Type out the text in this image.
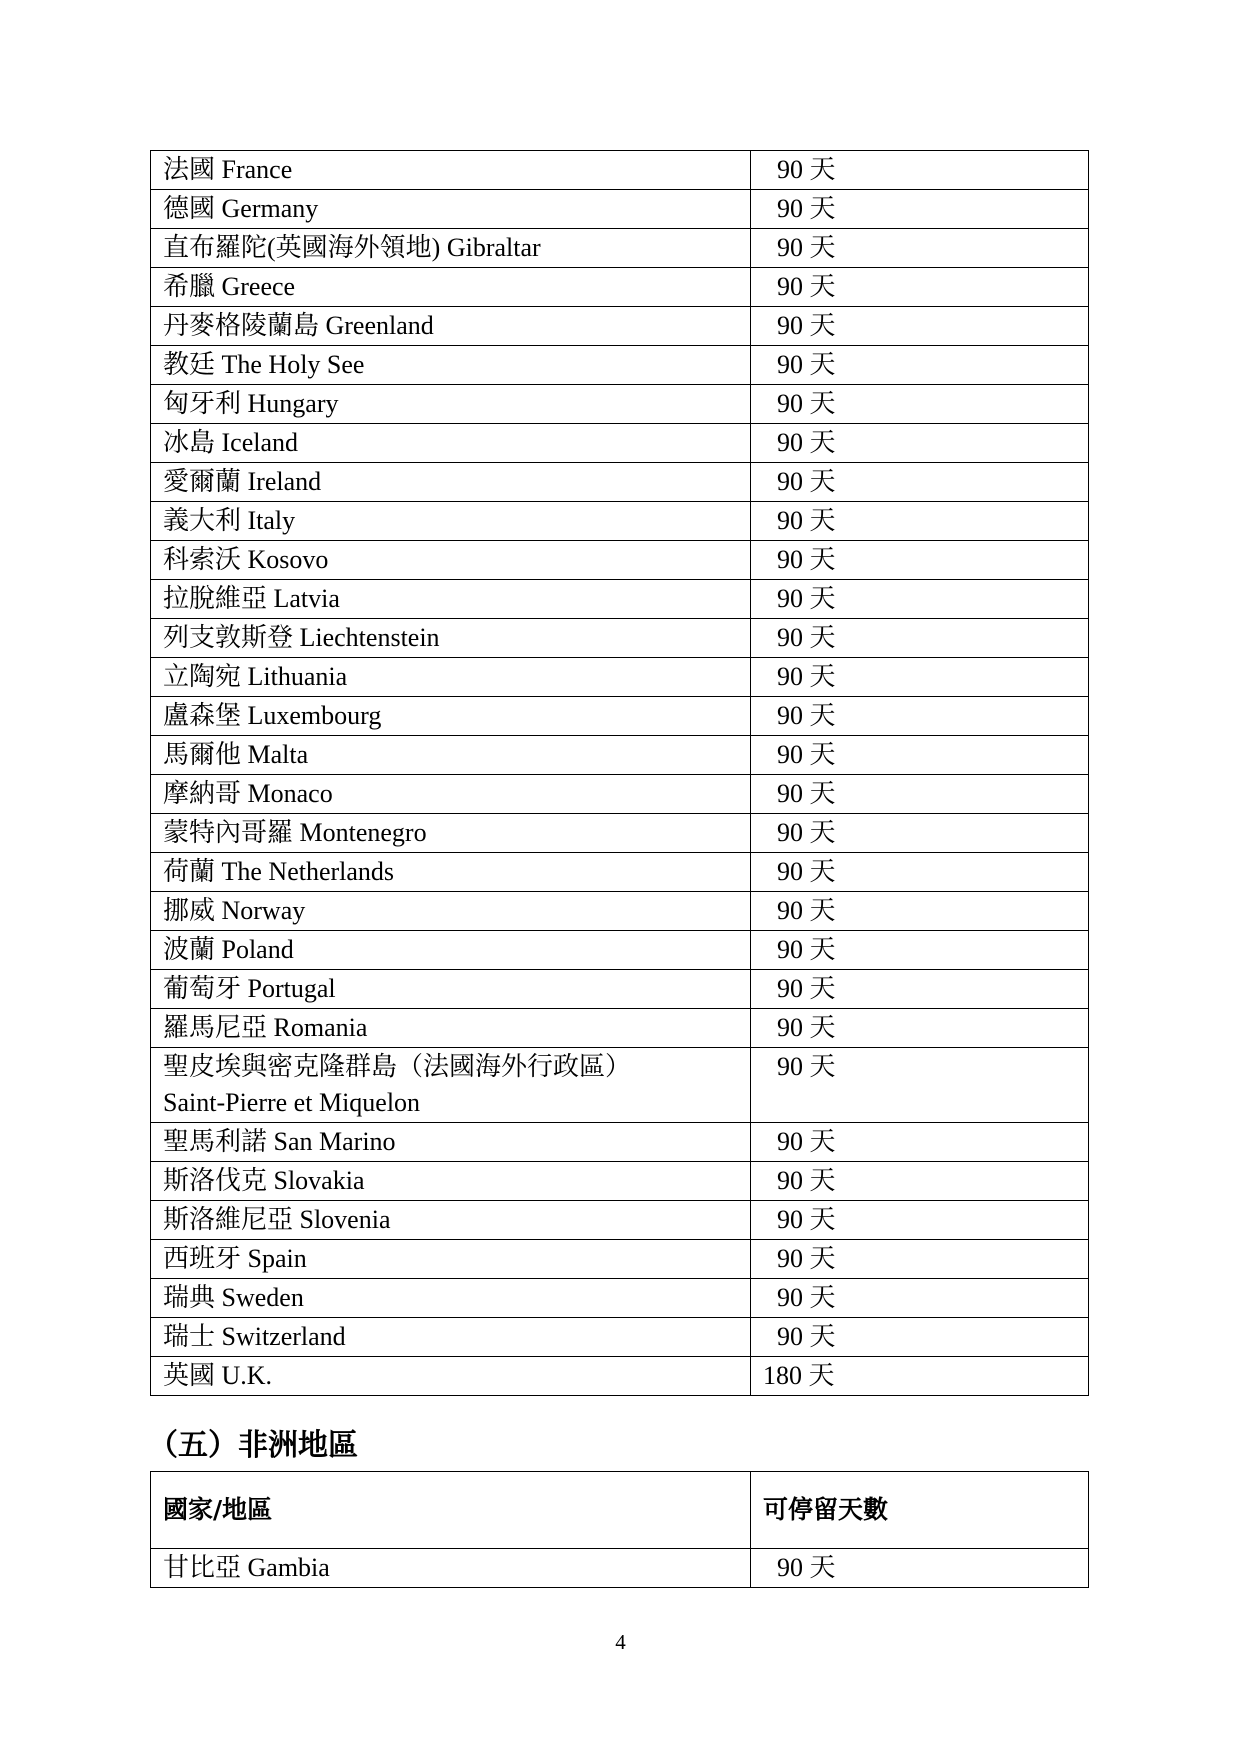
法國 France	90 天
德國 Germany	90 天
直布羅陀(英國海外領地) Gibraltar	90 天
希臘 Greece	90 天
丹麥格陵蘭島 Greenland	90 天
教廷 The Holy See	90 天
匈牙利 Hungary	90 天
冰島 Iceland	90 天
愛爾蘭 Ireland	90 天
義大利 Italy	90 天
科索沃 Kosovo	90 天
拉脫維亞 Latvia	90 天
列支敦斯登 Liechtenstein	90 天
立陶宛 Lithuania	90 天
盧森堡 Luxembourg	90 天
馬爾他 Malta	90 天
摩納哥 Monaco	90 天
蒙特內哥羅 Montenegro	90 天
荷蘭 The Netherlands	90 天
挪威 Norway	90 天
波蘭 Poland	90 天
葡萄牙 Portugal	90 天
羅馬尼亞 Romania	90 天

聖皮埃與密克隆群島（法國海外行政區）
Saint-Pierre et Miquelon	90 天
聖馬利諾 San Marino	90 天
斯洛伐克 Slovakia	90 天
斯洛維尼亞 Slovenia	90 天
西班牙 Spain	90 天
瑞典 Sweden	90 天
瑞士 Switzerland	90 天
英國 U.K.	180 天
（五）非洲地區
國家/地區	可停留天數
甘比亞 Gambia	90 天
4
